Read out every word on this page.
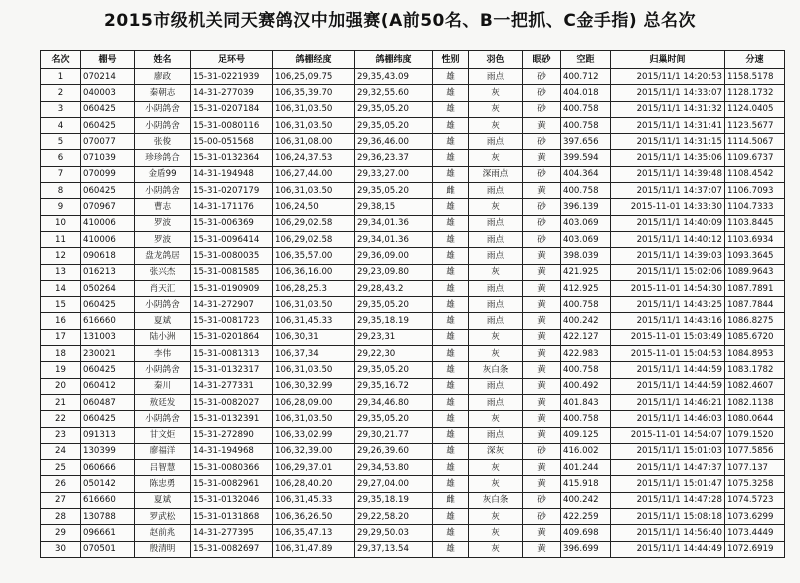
2015市级机关同天赛鸽汉中加强赛(A前50名、B一把抓、C金手指) 总名次
名次	棚号	姓名	足环号	鸽棚经度	鸽棚纬度	性别	羽色	眼砂	空距	归巢时间	分速
1	070214	廖政	15-31-0221939	106,25,09.75	29,35,43.09	雄	雨点	砂	400.712	2015/11/1 14:20:53	1158.5178
2	040003	秦朝志	14-31-277039	106,35,39.70	29,32,55.60	雄	灰	砂	404.018	2015/11/1 14:33:07	1128.1732
3	060425	小阴鸽舍	15-31-0207184	106,31,03.50	29,35,05.20	雄	灰	砂	400.758	2015/11/1 14:31:32	1124.0405
4	060425	小阴鸽舍	15-31-0080116	106,31,03.50	29,35,05.20	雄	灰	黄	400.758	2015/11/1 14:31:41	1123.5677
5	070077	张俊	15-00-051568	106,31,08.00	29,36,46.00	雄	雨点	砂	397.656	2015/11/1 14:31:15	1114.5067
6	071039	珍珍鸽合	15-31-0132364	106,24,37.53	29,36,23.37	雄	灰	黄	399.594	2015/11/1 14:35:06	1109.6737
7	070099	金盾99	14-31-194948	106,27,44.00	29,33,27.00	雄	深雨点	砂	404.364	2015/11/1 14:39:48	1108.4542
8	060425	小阴鸽舍	15-31-0207179	106,31,03.50	29,35,05.20	雌	雨点	黄	400.758	2015/11/1 14:37:07	1106.7093
9	070967	曹志	14-31-171176	106,24,50	29,38,15	雄	灰	砂	396.139	2015-11-01 14:33:30	1104.7333
10	410006	罗波	15-31-006369	106,29,02.58	29,34,01.36	雄	雨点	砂	403.069	2015/11/1 14:40:09	1103.8445
11	410006	罗波	15-31-0096414	106,29,02.58	29,34,01.36	雄	雨点	砂	403.069	2015/11/1 14:40:12	1103.6934
12	090618	盘龙鸽居	15-31-0080035	106,35,57.00	29,36,09.00	雄	雨点	黄	398.039	2015/11/1 14:39:03	1093.3645
13	016213	张兴杰	15-31-0081585	106,36,16.00	29,23,09.80	雄	灰	黄	421.925	2015/11/1 15:02:06	1089.9643
14	050264	肖天汇	15-31-0190909	106,28,25.3	29,28,43.2	雄	雨点	黄	412.925	2015-11-01 14:54:30	1087.7891
15	060425	小阴鸽舍	14-31-272907	106,31,03.50	29,35,05.20	雄	雨点	黄	400.758	2015/11/1 14:43:25	1087.7844
16	616660	夏斌	15-31-0081723	106,31,45.33	29,35,18.19	雄	雨点	黄	400.242	2015/11/1 14:43:16	1086.8275
17	131003	陆小洲	15-31-0201864	106,30,31	29,23,31	雄	灰	黄	422.127	2015-11-01 15:03:49	1085.6720
18	230021	李伟	15-31-0081313	106,37,34	29,22,30	雄	灰	黄	422.983	2015-11-01 15:04:53	1084.8953
19	060425	小阴鸽舍	15-31-0132317	106,31,03.50	29,35,05.20	雄	灰白条	黄	400.758	2015/11/1 14:44:59	1083.1782
20	060412	秦川	14-31-277331	106,30,32.99	29,35,16.72	雄	雨点	黄	400.492	2015/11/1 14:44:59	1082.4607
21	060487	敖廷发	15-31-0082027	106,28,09.00	29,34,46.80	雄	雨点	黄	401.843	2015/11/1 14:46:21	1082.1138
22	060425	小阴鸽舍	15-31-0132391	106,31,03.50	29,35,05.20	雄	灰	黄	400.758	2015/11/1 14:46:03	1080.0644
23	091313	甘文炬	15-31-272890	106,33,02.99	29,30,21.77	雄	雨点	黄	409.125	2015-11-01 14:54:07	1079.1520
24	130399	廖福洋	14-31-194968	106,32,39.00	29,26,39.60	雄	深灰	砂	416.002	2015/11/1 15:01:03	1077.5856
25	060666	吕智慧	15-31-0080366	106,29,37.01	29,34,53.80	雄	灰	黄	401.244	2015/11/1 14:47:37	1077.137
26	050142	陈忠勇	15-31-0082961	106,28,40.20	29,27,04.00	雄	灰	黄	415.918	2015/11/1 15:01:47	1075.3258
27	616660	夏斌	15-31-0132046	106,31,45.33	29,35,18.19	雌	灰白条	砂	400.242	2015/11/1 14:47:28	1074.5723
28	130788	罗武松	15-31-0131868	106,36,26.50	29,22,58.20	雄	灰	砂	422.259	2015/11/1 15:08:18	1073.6299
29	096661	赵前兆	14-31-277395	106,35,47.13	29,29,50.03	雄	灰	黄	409.698	2015/11/1 14:56:40	1073.4449
30	070501	殷清明	15-31-0082697	106,31,47.89	29,37,13.54	雄	灰	黄	396.699	2015/11/1 14:44:49	1072.6919
